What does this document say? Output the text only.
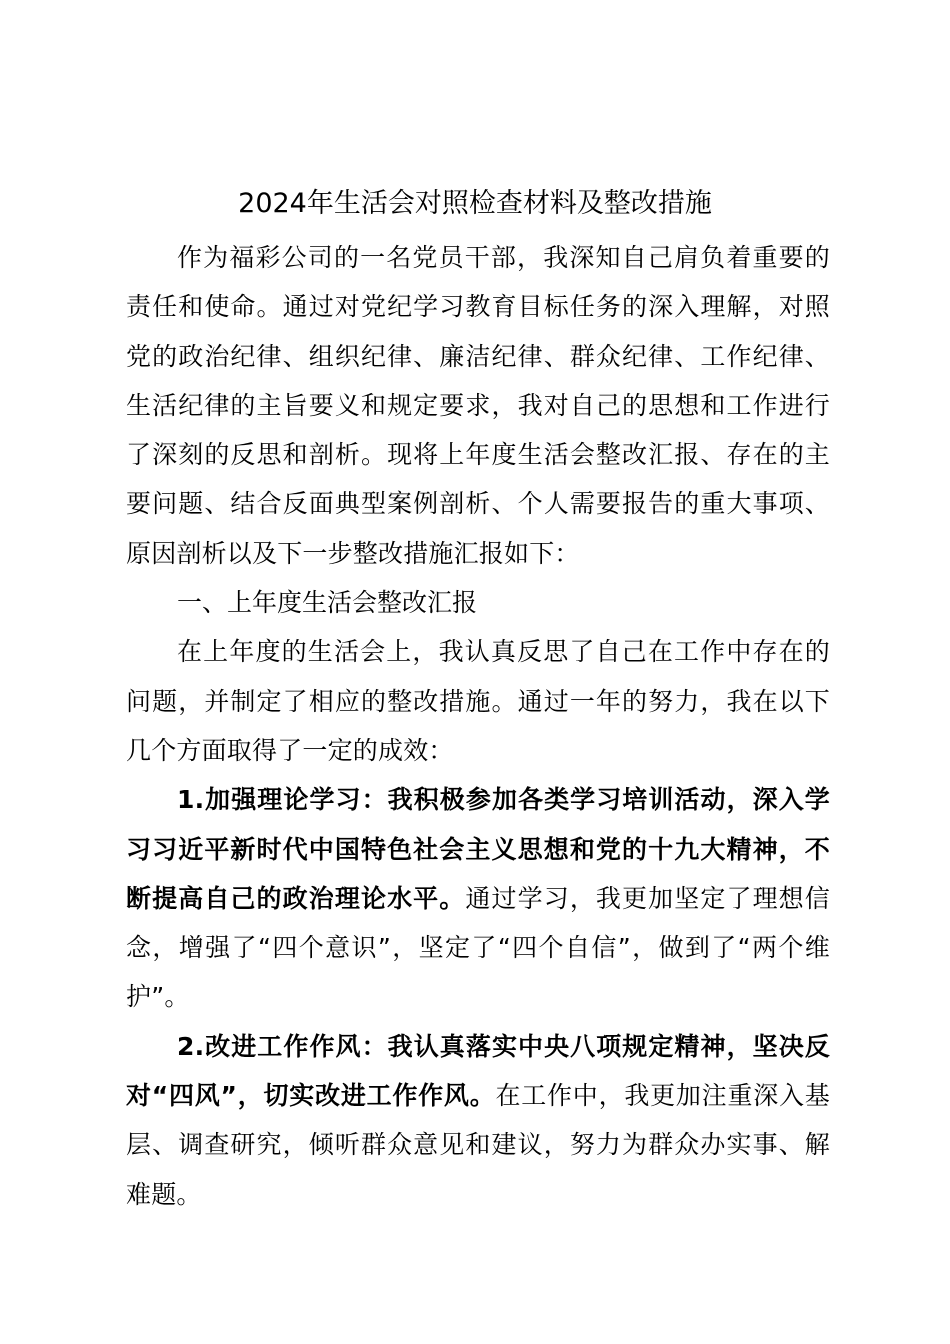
2024年生活会对照检查材料及整改措施

作为福彩公司的一名党员干部，我深知自己肩负着重要的责任和使命。通过对党纪学习教育目标任务的深入理解，对照党的政治纪律、组织纪律、廉洁纪律、群众纪律、工作纪律、生活纪律的主旨要义和规定要求，我对自己的思想和工作进行了深刻的反思和剖析。现将上年度生活会整改汇报、存在的主要问题、结合反面典型案例剖析、个人需要报告的重大事项、原因剖析以及下一步整改措施汇报如下：

一、上年度生活会整改汇报

在上年度的生活会上，我认真反思了自己在工作中存在的问题，并制定了相应的整改措施。通过一年的努力，我在以下几个方面取得了一定的成效：

1.加强理论学习：我积极参加各类学习培训活动，深入学习习近平新时代中国特色社会主义思想和党的十九大精神，不断提高自己的政治理论水平。通过学习，我更加坚定了理想信念，增强了“四个意识”，坚定了“四个自信”，做到了“两个维护”。

2.改进工作作风：我认真落实中央八项规定精神，坚决反对“四风”，切实改进工作作风。在工作中，我更加注重深入基层、调查研究，倾听群众意见和建议，努力为群众办实事、解难题。
